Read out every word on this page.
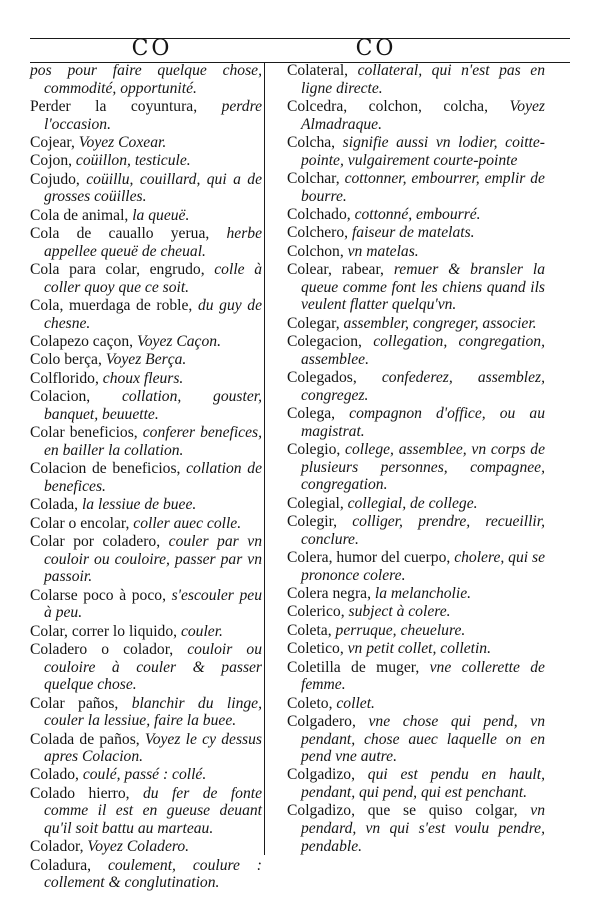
CO	CO

pos pour faire quelque chose, commodité, opportunité.

Perder la coyuntura, perdre l'occasion.

Cojear, Voyez Coxear.

Cojon, coüillon, testicule.

Cojudo, coüillu, couillard, qui a de grosses coüilles.

Cola de animal, la queuë.

Cola de cauallo yerua, herbe appellee queuë de cheual.

Cola para colar, engrudo, colle à coller quoy que ce soit.

Cola, muerdaga de roble, du guy de chesne.

Colapezo caçon, Voyez Caçon.

Colo berça, Voyez Berça.

Colflorido, choux fleurs.

Colacion, collation, gouster, banquet, beuuette.

Colar beneficios, conferer benefices, en bailler la collation.

Colacion de beneficios, collation de benefices.

Colada, la lessiue de buee.

Colar o encolar, coller auec colle.

Colar por coladero, couler par vn couloir ou couloire, passer par vn passoir.

Colarse poco à poco, s'escouler peu à peu.

Colar, correr lo liquido, couler.

Coladero o colador, couloir ou couloire à couler & passer quelque chose.

Colar paños, blanchir du linge, couler la lessiue, faire la buee.

Colada de paños, Voyez le cy dessus apres Colacion.

Colado, coulé, passé : collé.

Colado hierro, du fer de fonte comme il est en gueuse deuant qu'il soit battu au marteau.

Colador, Voyez Coladero.

Coladura, coulement, coulure : collement & conglutination.

Colateral, collateral, qui n'est pas en ligne directe.

Colcedra, colchon, colcha, Voyez Almadraque.

Colcha, signifie aussi vn lodier, coitte-pointe, vulgairement courte-pointe

Colchar, cottonner, embourrer, emplir de bourre.

Colchado, cottonné, embourré.

Colchero, faiseur de matelats.

Colchon, vn matelas.

Colear, rabear, remuer & bransler la queue comme font les chiens quand ils veulent flatter quelqu'vn.

Colegar, assembler, congreger, associer.

Colegacion, collegation, congregation, assemblee.

Colegados, confederez, assemblez, congregez.

Colega, compagnon d'office, ou au magistrat.

Colegio, college, assemblee, vn corps de plusieurs personnes, compagnee, congregation.

Colegial, collegial, de college.

Colegir, colliger, prendre, recueillir, conclure.

Colera, humor del cuerpo, cholere, qui se prononce colere.

Colera negra, la melancholie.

Colerico, subject à colere.

Coleta, perruque, cheuelure.

Coletico, vn petit collet, colletin.

Coletilla de muger, vne collerette de femme.

Coleto, collet.

Colgadero, vne chose qui pend, vn pendant, chose auec laquelle on en pend vne autre.

Colgadizo, qui est pendu en hault, pendant, qui pend, qui est penchant.

Colgadizo, que se quiso colgar, vn pendard, vn qui s'est voulu pendre, pendable.
